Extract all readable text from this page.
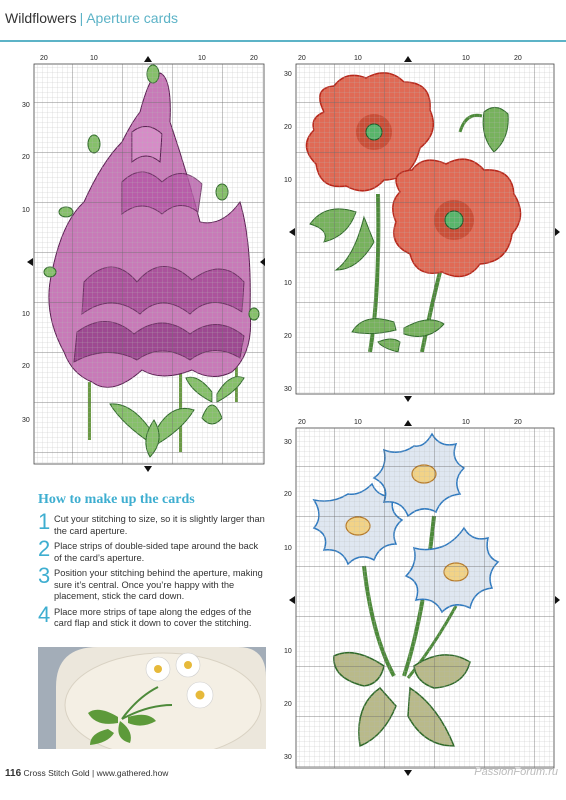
Wildflowers | Aperture cards
20	10	10	20
30
20
10
10
20
30
20	10	10	20
30
20
10
10
20
30
20	10	10	20
30
20
10
10
20
30
How to make up the cards
1 Cut your stitching to size, so it is slightly larger than the card aperture.
2 Place strips of double-sided tape around the back of the card’s aperture.
3 Position your stitching behind the aperture, making sure it’s central. Once you’re happy with the placement, stick the card down.
4 Place more strips of tape along the edges of the card flap and stick it down to cover the stitching.
116 Cross Stitch Gold | www.gathered.how	PassionForum.ru
